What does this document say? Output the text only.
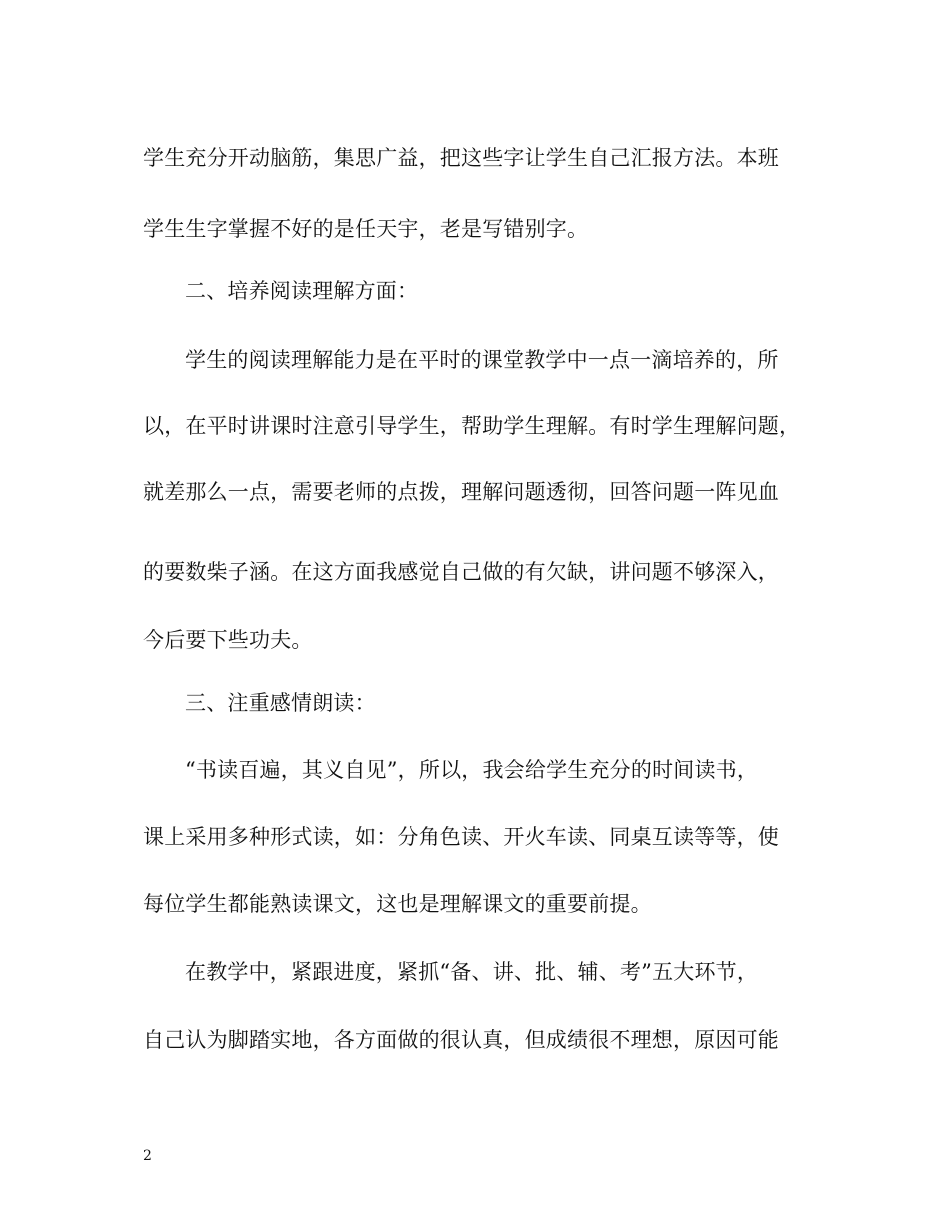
学生充分开动脑筋，集思广益，把这些字让学生自己汇报方法。本班
学生生字掌握不好的是任天宇，老是写错别字。
二、培养阅读理解方面：
学生的阅读理解能力是在平时的课堂教学中一点一滴培养的，所
以，在平时讲课时注意引导学生，帮助学生理解。有时学生理解问题，
就差那么一点，需要老师的点拨，理解问题透彻，回答问题一阵见血
的要数柴子涵。在这方面我感觉自己做的有欠缺，讲问题不够深入，
今后要下些功夫。
三、注重感情朗读：
“书读百遍，其义自见”，所以，我会给学生充分的时间读书，
课上采用多种形式读，如：分角色读、开火车读、同桌互读等等，使
每位学生都能熟读课文，这也是理解课文的重要前提。
在教学中，紧跟进度，紧抓“备、讲、批、辅、考”五大环节，
自己认为脚踏实地，各方面做的很认真，但成绩很不理想，原因可能
2
